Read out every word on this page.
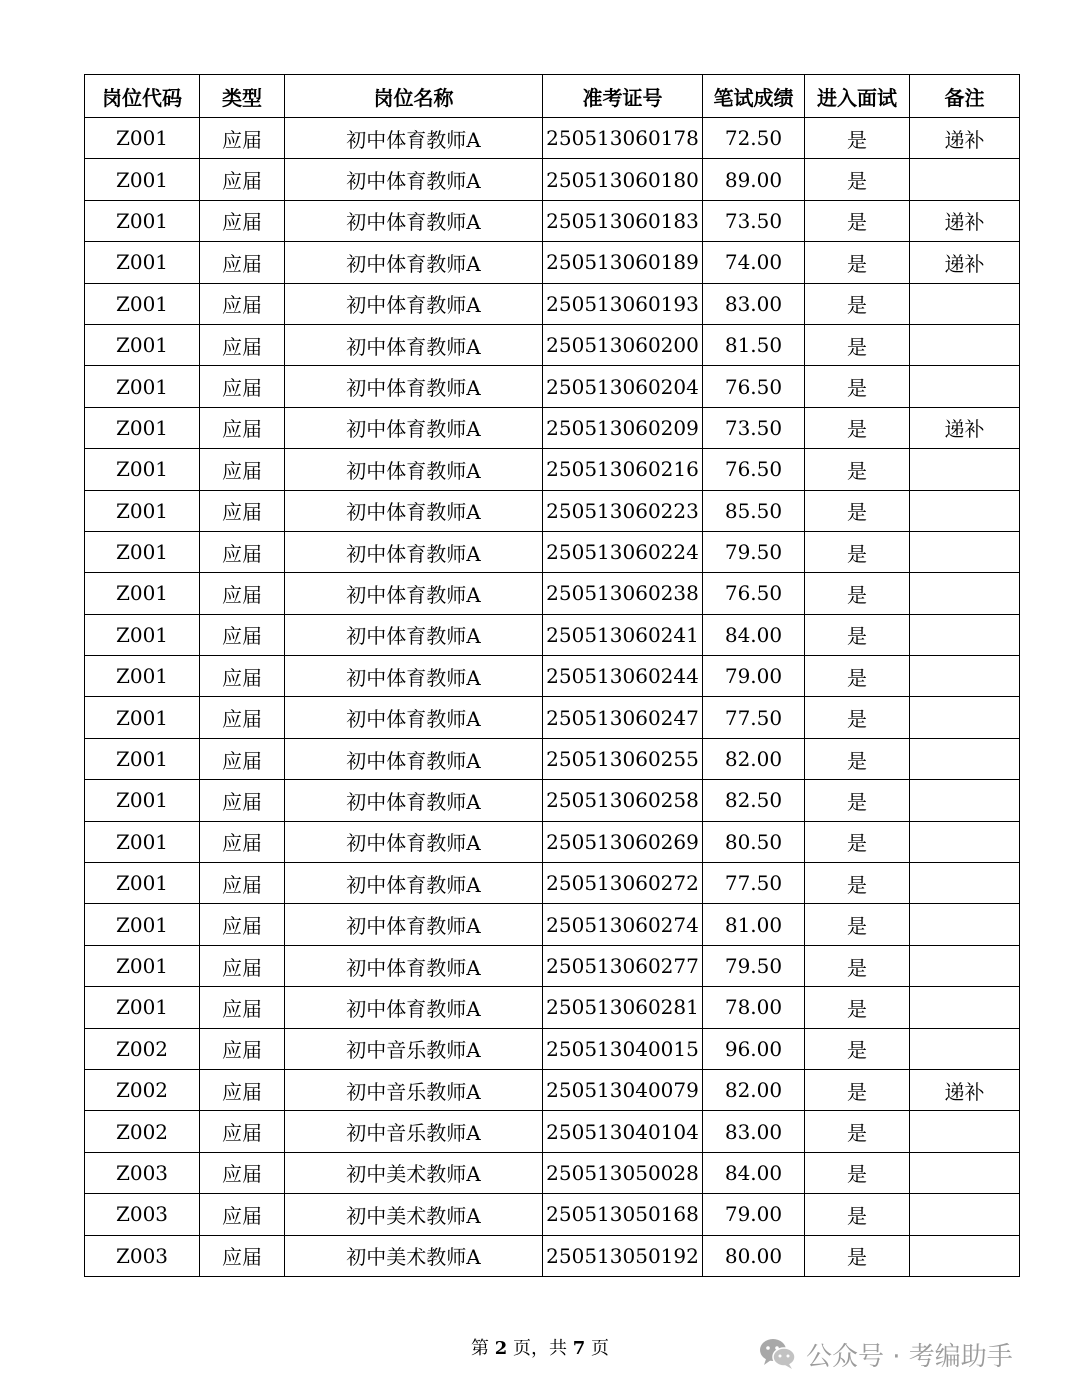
岗位代码	类型	岗位名称	准考证号	笔试成绩	进入面试	备注
Z001	应届	初中体育教师A	250513060178	72.50	是	递补
Z001	应届	初中体育教师A	250513060180	89.00	是	
Z001	应届	初中体育教师A	250513060183	73.50	是	递补
Z001	应届	初中体育教师A	250513060189	74.00	是	递补
Z001	应届	初中体育教师A	250513060193	83.00	是	
Z001	应届	初中体育教师A	250513060200	81.50	是	
Z001	应届	初中体育教师A	250513060204	76.50	是	
Z001	应届	初中体育教师A	250513060209	73.50	是	递补
Z001	应届	初中体育教师A	250513060216	76.50	是	
Z001	应届	初中体育教师A	250513060223	85.50	是	
Z001	应届	初中体育教师A	250513060224	79.50	是	
Z001	应届	初中体育教师A	250513060238	76.50	是	
Z001	应届	初中体育教师A	250513060241	84.00	是	
Z001	应届	初中体育教师A	250513060244	79.00	是	
Z001	应届	初中体育教师A	250513060247	77.50	是	
Z001	应届	初中体育教师A	250513060255	82.00	是	
Z001	应届	初中体育教师A	250513060258	82.50	是	
Z001	应届	初中体育教师A	250513060269	80.50	是	
Z001	应届	初中体育教师A	250513060272	77.50	是	
Z001	应届	初中体育教师A	250513060274	81.00	是	
Z001	应届	初中体育教师A	250513060277	79.50	是	
Z001	应届	初中体育教师A	250513060281	78.00	是	
Z002	应届	初中音乐教师A	250513040015	96.00	是	
Z002	应届	初中音乐教师A	250513040079	82.00	是	递补
Z002	应届	初中音乐教师A	250513040104	83.00	是	
Z003	应届	初中美术教师A	250513050028	84.00	是	
Z003	应届	初中美术教师A	250513050168	79.00	是	
Z003	应届	初中美术教师A	250513050192	80.00	是	
第 2 页，共 7 页	公众号 · 考编助手
